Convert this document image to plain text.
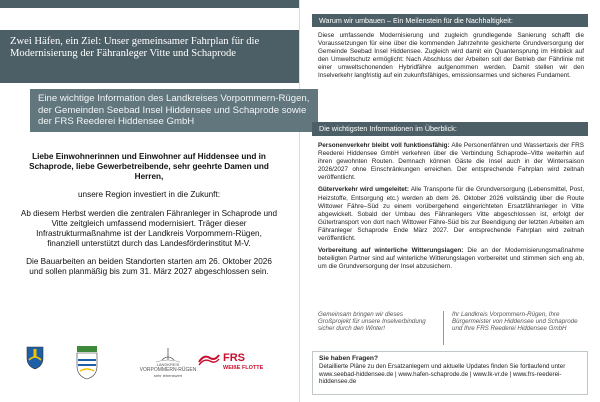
Zwei Häfen, ein Ziel: Unser gemeinsamer Fahrplan für die Modernisierung der Fähranleger Vitte und Schaprode
Eine wichtige Information des Landkreises Vorpommern-Rügen, der Gemeinden Seebad Insel Hiddensee und Schaprode sowie der FRS Reederei Hiddensee GmbH

Liebe Einwohnerinnen und Einwohner auf Hiddensee und in Schaprode, liebe Gewerbetreibende, sehr geehrte Damen und Herren,

unsere Region investiert in die Zukunft:

Ab diesem Herbst werden die zentralen Fähranleger in Schaprode und Vitte zeitgleich umfassend modernisiert. Träger dieser Infrastrukturmaßnahme ist der Landkreis Vorpommern-Rügen, finanziell unterstützt durch das Landesförderinstitut M-V.

Die Bauarbeiten an beiden Standorten starten am 26. Oktober 2026 und sollen planmäßig bis zum 31. März 2027 abgeschlossen sein.

LANDKREIS
VORPOMMERN-RÜGEN
sehr lebenswert
FRS
WEIßE FLOTTE
Warum wir umbauen – Ein Meilenstein für die Nachhaltigkeit:
Diese umfassende Modernisierung und zugleich grundlegende Sanierung schafft die Voraussetzungen für eine über die kommenden Jahrzehnte gesicherte Grundversorgung der Gemeinde Seebad Insel Hiddensee. Zugleich wird damit ein Quantensprung im Hinblick auf den Umweltschutz ermöglicht: Nach Abschluss der Arbeiten soll der Betrieb der Fährlinie mit einer umweltschonenden Hybridfähre aufgenommen werden. Damit stellen wir den Inselverkehr langfristig auf ein zukunftsfähiges, emissionsarmes und sicheres Fundament.
Die wichtigsten Informationen im Überblick:

Personenverkehr bleibt voll funktionsfähig: Alle Personenfähren und Wassertaxis der FRS Reederei Hiddensee GmbH verkehren über die Verbindung Schaprode–Vitte weiterhin auf ihren gewohnten Routen. Demnach können Gäste die Insel auch in der Wintersaison 2026/2027 ohne Einschränkungen erreichen. Der entsprechende Fahrplan wird zeitnah veröffentlicht.

Güterverkehr wird umgeleitet: Alle Transporte für die Grundversorgung (Lebensmittel, Post, Heizstoffe, Entsorgung etc.) werden ab dem 26. Oktober 2026 vollständig über die Route Wittower Fähre–Süd zu einem vorübergehend eingerichteten Ersatzfähranleger in Vitte abgewickelt. Sobald der Umbau des Fähranlegers Vitte abgeschlossen ist, erfolgt der Gütertransport von dort nach Wittower Fähre-Süd bis zur Beendigung der letzten Arbeiten am Fähranleger Schaprode Ende März 2027. Der entsprechende Fahrplan wird zeitnah veröffentlicht.

Vorbereitung auf winterliche Witterungslagen: Die an der Modernisierungsmaßnahme beteiligten Partner sind auf winterliche Witterungslagen vorbereitet und stimmen sich eng ab, um die Grundversorgung der Insel abzusichern.

Gemeinsam bringen wir dieses Großprojekt für unsere Inselverbindung sicher durch den Winter!
Ihr Landkreis Vorpommern-Rügen, Ihre Bürgermeister von Hiddensee und Schaprode und Ihre FRS Reederei Hiddensee GmbH
Sie haben Fragen?
Detaillierte Pläne zu den Ersatzanlegern und aktuelle Updates finden Sie fortlaufend unter www.seebad-hiddensee.de | www.hafen-schaprode.de | www.lk-vr.de | www.frs-reederei-hiddensee.de
